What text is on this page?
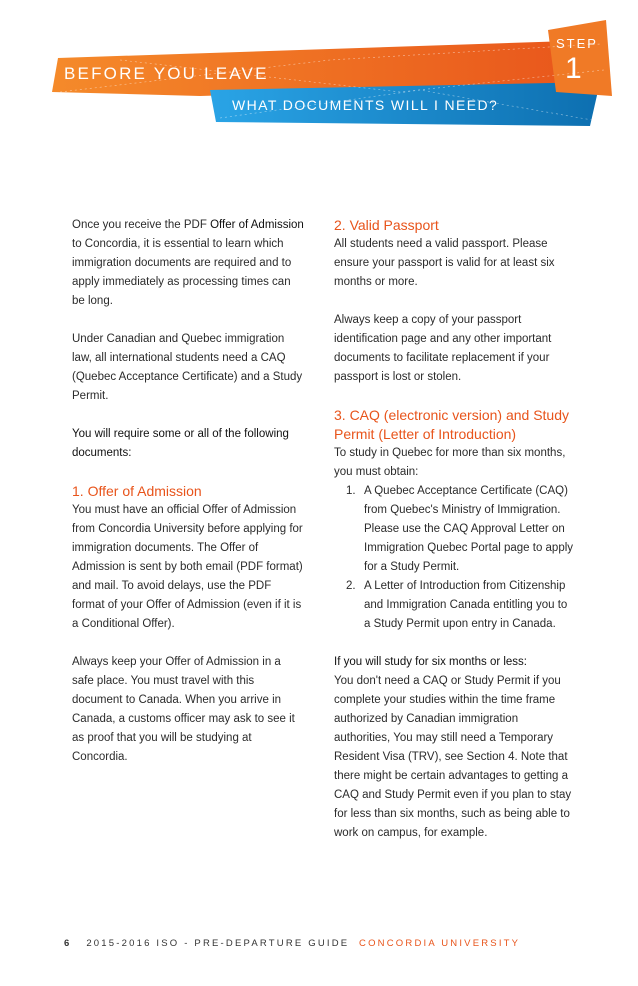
BEFORE YOU LEAVE
WHAT DOCUMENTS WILL I NEED?
STEP
1

Once you receive the PDF Offer of Admission to Concordia, it is essential to learn which immigration documents are required and to apply immediately as processing times can be long.

Under Canadian and Quebec immigration law, all international students need a CAQ (Quebec Acceptance Certificate) and a Study Permit.

You will require some or all of the following documents:

1. Offer of Admission

You must have an official Offer of Admission from Concordia University before applying for immigration documents. The Offer of Admission is sent by both email (PDF format) and mail. To avoid delays, use the PDF format of your Offer of Admission (even if it is a Conditional Offer).

Always keep your Offer of Admission in a safe place. You must travel with this document to Canada. When you arrive in Canada, a customs officer may ask to see it as proof that you will be studying at Concordia.

2. Valid Passport

All students need a valid passport. Please ensure your passport is valid for at least six months or more.

Always keep a copy of your passport identification page and any other important documents to facilitate replacement if your passport is lost or stolen.

3. CAQ (electronic version) and Study Permit (Letter of Introduction)
To study in Quebec for more than six months, you must obtain:
1. A Quebec Acceptance Certificate (CAQ) from Quebec's Ministry of Immigration. Please use the CAQ Approval Letter on Immigration Quebec Portal page to apply for a Study Permit.
2. A Letter of Introduction from Citizenship and Immigration Canada entitling you to a Study Permit upon entry in Canada.
If you will study for six months or less:

You don't need a CAQ or Study Permit if you complete your studies within the time frame authorized by Canadian immigration authorities, You may still need a Temporary Resident Visa (TRV), see Section 4. Note that there might be certain advantages to getting a CAQ and Study Permit even if you plan to stay for less than six months, such as being able to work on campus, for example.

6 2015-2016 ISO - PRE-DEPARTURE GUIDE CONCORDIA UNIVERSITY
